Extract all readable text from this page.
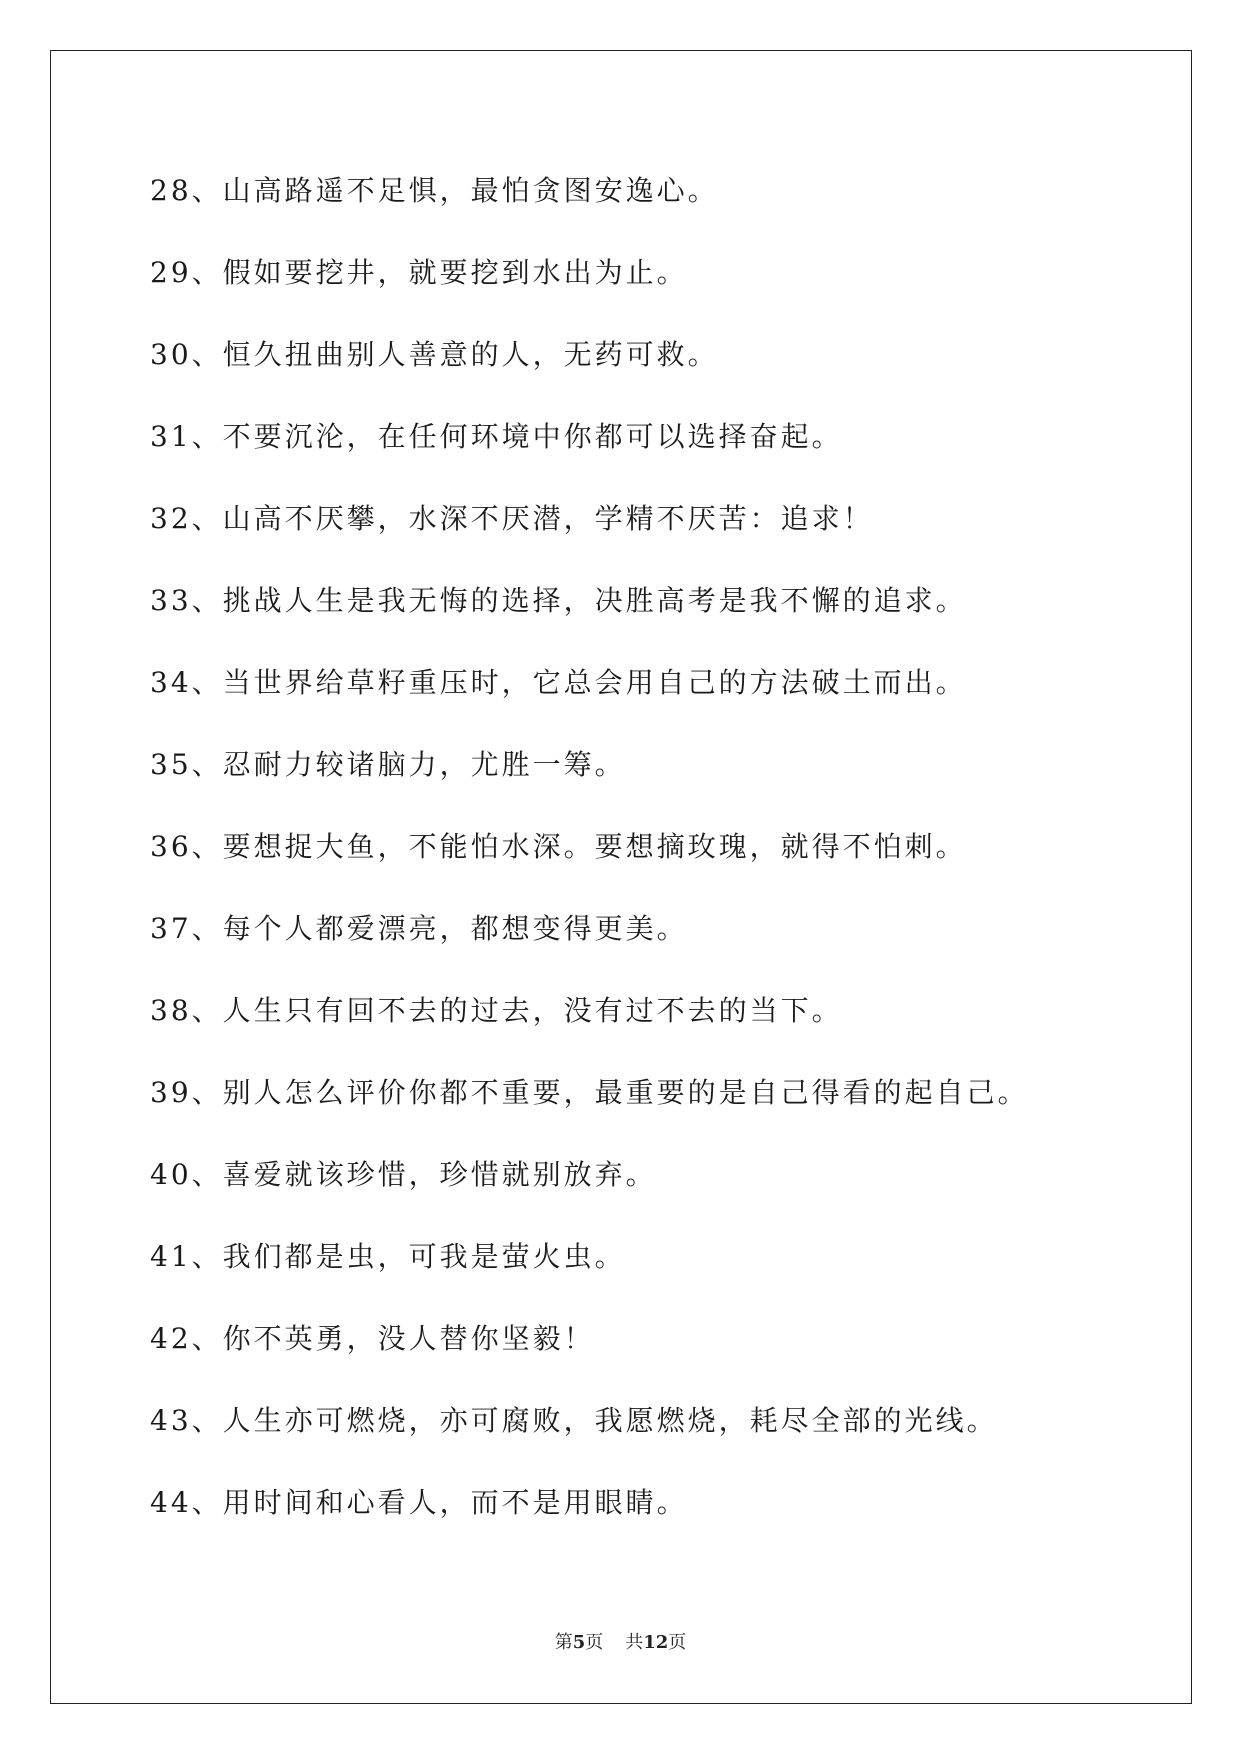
28、山高路遥不足惧，最怕贪图安逸心。
29、假如要挖井，就要挖到水出为止。
30、恒久扭曲别人善意的人，无药可救。
31、不要沉沦，在任何环境中你都可以选择奋起。
32、山高不厌攀，水深不厌潜，学精不厌苦：追求！
33、挑战人生是我无悔的选择，决胜高考是我不懈的追求。
34、当世界给草籽重压时，它总会用自己的方法破土而出。
35、忍耐力较诸脑力，尤胜一筹。
36、要想捉大鱼，不能怕水深。要想摘玫瑰，就得不怕刺。
37、每个人都爱漂亮，都想变得更美。
38、人生只有回不去的过去，没有过不去的当下。
39、别人怎么评价你都不重要，最重要的是自己得看的起自己。
40、喜爱就该珍惜，珍惜就别放弃。
41、我们都是虫，可我是萤火虫。
42、你不英勇，没人替你坚毅！
43、人生亦可燃烧，亦可腐败，我愿燃烧，耗尽全部的光线。
44、用时间和心看人，而不是用眼睛。
第5页 共12页
